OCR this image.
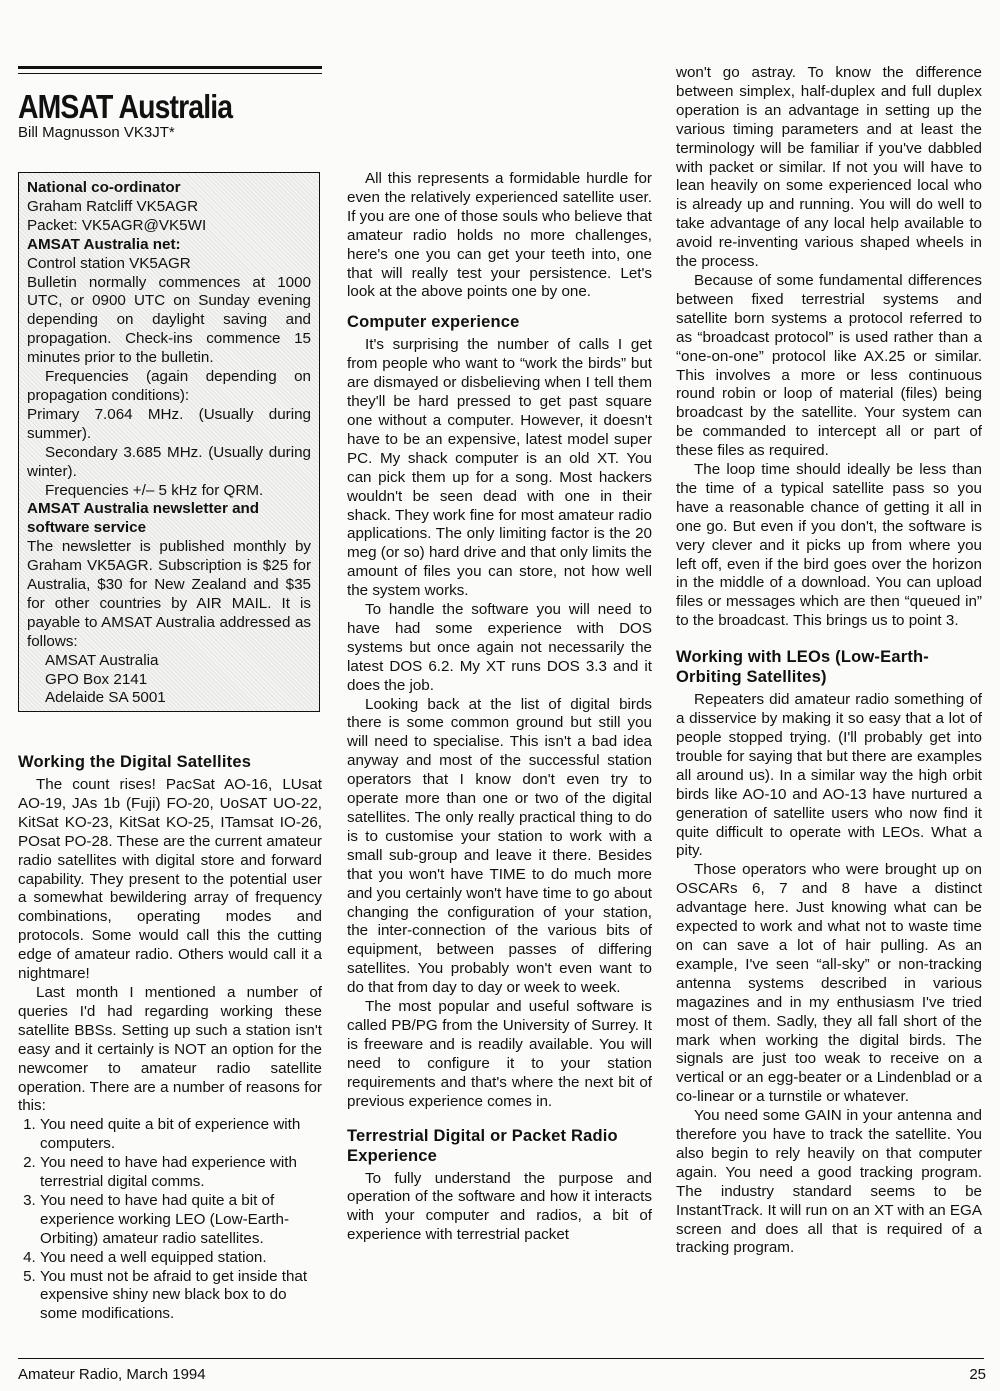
AMSAT Australia
Bill Magnusson VK3JT*
National co-ordinator
Graham Ratcliff VK5AGR
Packet: VK5AGR@VK5WI
AMSAT Australia net:
Control station VK5AGR
Bulletin normally commences at 1000 UTC, or 0900 UTC on Sunday evening depending on daylight saving and propagation. Check-ins commence 15 minutes prior to the bulletin.
Frequencies (again depending on propagation conditions):
Primary 7.064 MHz. (Usually during summer).
Secondary 3.685 MHz. (Usually during winter).
Frequencies +/– 5 kHz for QRM.
AMSAT Australia newsletter and software service
The newsletter is published monthly by Graham VK5AGR. Subscription is $25 for Australia, $30 for New Zealand and $35 for other countries by AIR MAIL. It is payable to AMSAT Australia addressed as follows:
AMSAT Australia
GPO Box 2141
Adelaide SA 5001
Working the Digital Satellites

The count rises! PacSat AO-16, LUsat AO-19, JAs 1b (Fuji) FO-20, UoSAT UO-22, KitSat KO-23, KitSat KO-25, ITamsat IO-26, POsat PO-28. These are the current amateur radio satellites with digital store and forward capability. They present to the potential user a somewhat bewildering array of frequency combinations, operating modes and protocols. Some would call this the cutting edge of amateur radio. Others would call it a nightmare!

Last month I mentioned a number of queries I'd had regarding working these satellite BBSs. Setting up such a station isn't easy and it certainly is NOT an option for the newcomer to amateur radio satellite operation. There are a number of reasons for this:

1. You need quite a bit of experience with computers.
2. You need to have had experience with terrestrial digital comms.
3. You need to have had quite a bit of experience working LEO (Low-Earth-Orbiting) amateur radio satellites.
4. You need a well equipped station.
5. You must not be afraid to get inside that expensive shiny new black box to do some modifications.

All this represents a formidable hurdle for even the relatively experienced satellite user. If you are one of those souls who believe that amateur radio holds no more challenges, here's one you can get your teeth into, one that will really test your persistence. Let's look at the above points one by one.

Computer experience

It's surprising the number of calls I get from people who want to “work the birds” but are dismayed or disbelieving when I tell them they'll be hard pressed to get past square one without a computer. However, it doesn't have to be an expensive, latest model super PC. My shack computer is an old XT. You can pick them up for a song. Most hackers wouldn't be seen dead with one in their shack. They work fine for most amateur radio applications. The only limiting factor is the 20 meg (or so) hard drive and that only limits the amount of files you can store, not how well the system works.

To handle the software you will need to have had some experience with DOS systems but once again not necessarily the latest DOS 6.2. My XT runs DOS 3.3 and it does the job.

Looking back at the list of digital birds there is some common ground but still you will need to specialise. This isn't a bad idea anyway and most of the successful station operators that I know don't even try to operate more than one or two of the digital satellites. The only really practical thing to do is to customise your station to work with a small sub-group and leave it there. Besides that you won't have TIME to do much more and you certainly won't have time to go about changing the configuration of your station, the inter-connection of the various bits of equipment, between passes of differing satellites. You probably won't even want to do that from day to day or week to week.

The most popular and useful software is called PB/PG from the University of Surrey. It is freeware and is readily available. You will need to configure it to your station requirements and that's where the next bit of previous experience comes in.

Terrestrial Digital or Packet Radio Experience

To fully understand the purpose and operation of the software and how it interacts with your computer and radios, a bit of experience with terrestrial packet

won't go astray. To know the difference between simplex, half-duplex and full duplex operation is an advantage in setting up the various timing parameters and at least the terminology will be familiar if you've dabbled with packet or similar. If not you will have to lean heavily on some experienced local who is already up and running. You will do well to take advantage of any local help available to avoid re-inventing various shaped wheels in the process.

Because of some fundamental differences between fixed terrestrial systems and satellite born systems a protocol referred to as “broadcast protocol” is used rather than a “one-on-one” protocol like AX.25 or similar. This involves a more or less continuous round robin or loop of material (files) being broadcast by the satellite. Your system can be commanded to intercept all or part of these files as required.

The loop time should ideally be less than the time of a typical satellite pass so you have a reasonable chance of getting it all in one go. But even if you don't, the software is very clever and it picks up from where you left off, even if the bird goes over the horizon in the middle of a download. You can upload files or messages which are then “queued in” to the broadcast. This brings us to point 3.

Working with LEOs (Low-Earth-Orbiting Satellites)

Repeaters did amateur radio something of a disservice by making it so easy that a lot of people stopped trying. (I'll probably get into trouble for saying that but there are examples all around us). In a similar way the high orbit birds like AO-10 and AO-13 have nurtured a generation of satellite users who now find it quite difficult to operate with LEOs. What a pity.

Those operators who were brought up on OSCARs 6, 7 and 8 have a distinct advantage here. Just knowing what can be expected to work and what not to waste time on can save a lot of hair pulling. As an example, I've seen “all-sky” or non-tracking antenna systems described in various magazines and in my enthusiasm I've tried most of them. Sadly, they all fall short of the mark when working the digital birds. The signals are just too weak to receive on a vertical or an egg-beater or a Lindenblad or a co-linear or a turnstile or whatever.

You need some GAIN in your antenna and therefore you have to track the satellite. You also begin to rely heavily on that computer again. You need a good tracking program. The industry standard seems to be InstantTrack. It will run on an XT with an EGA screen and does all that is required of a tracking program.

Amateur Radio, March 1994	25
